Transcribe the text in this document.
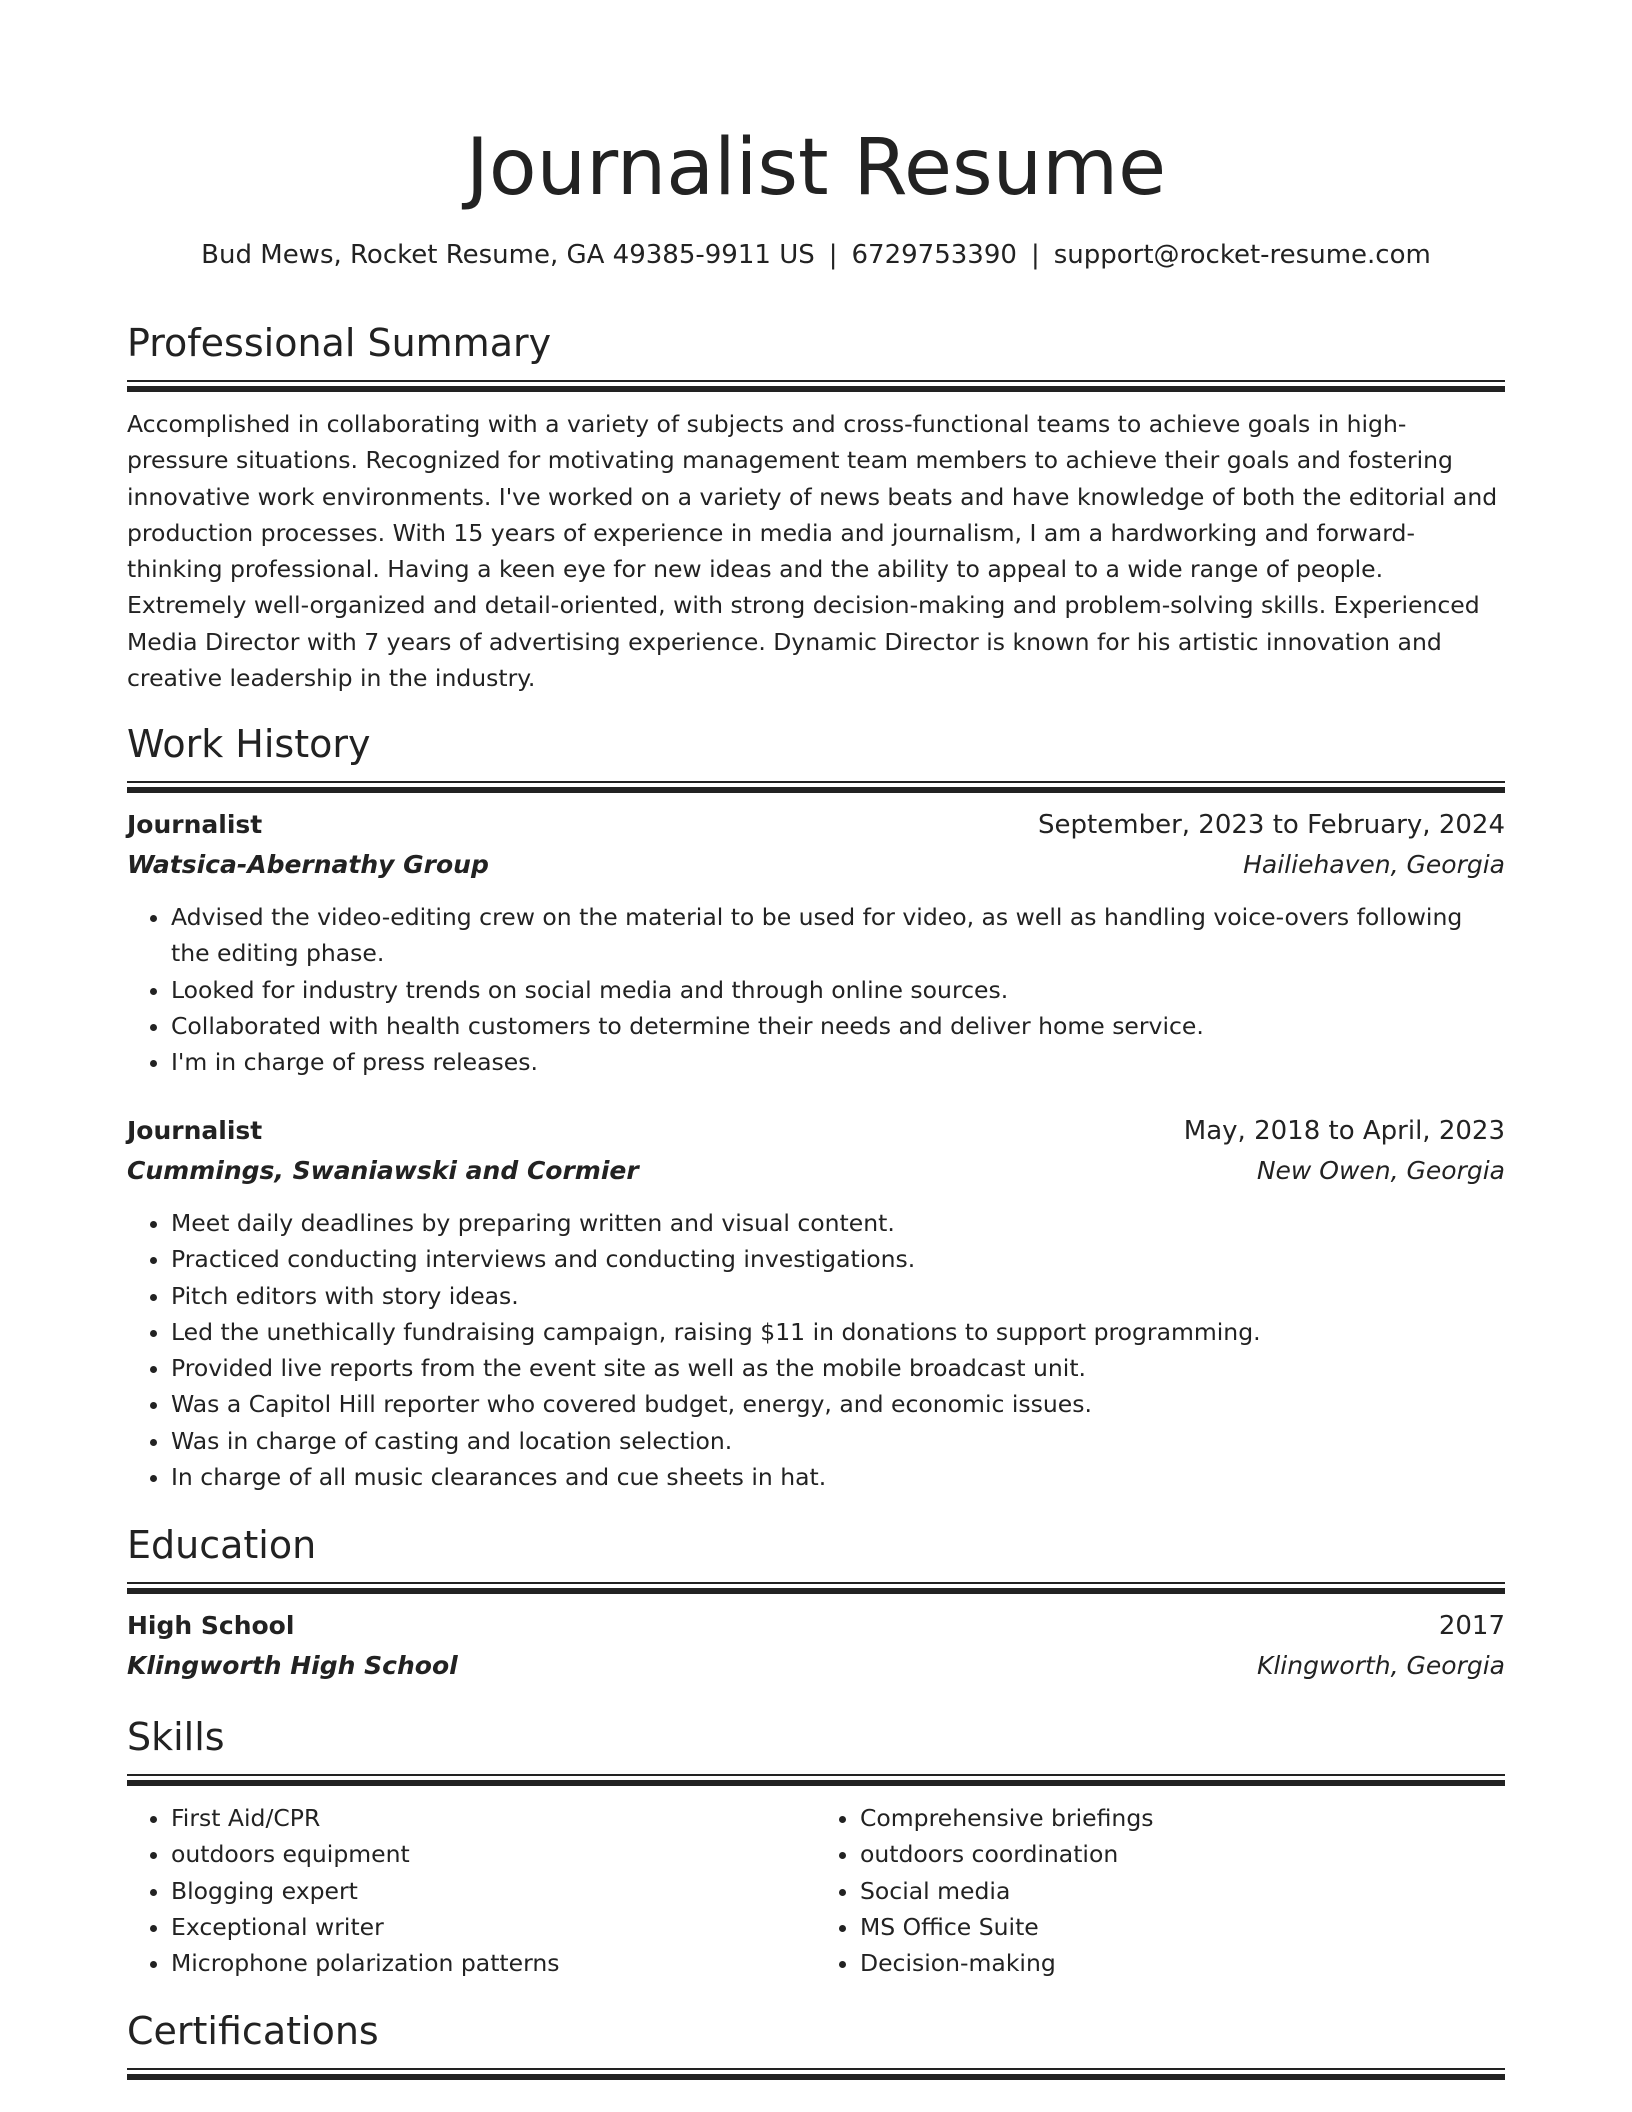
Journalist Resume
Bud Mews, Rocket Resume, GA 49385-9911 US | 6729753390 | support@rocket-resume.com
Professional Summary

Accomplished in collaborating with a variety of subjects and cross-functional teams to achieve goals in high-pressure situations. Recognized for motivating management team members to achieve their goals and fostering innovative work environments. I've worked on a variety of news beats and have knowledge of both the editorial and production processes. With 15 years of experience in media and journalism, I am a hardworking and forward-thinking professional. Having a keen eye for new ideas and the ability to appeal to a wide range of people. Extremely well-organized and detail-oriented, with strong decision-making and problem-solving skills. Experienced Media Director with 7 years of advertising experience. Dynamic Director is known for his artistic innovation and creative leadership in the industry.

Work History
Journalist	September, 2023 to February, 2024
Watsica-Abernathy Group	Hailiehaven, Georgia
• Advised the video-editing crew on the material to be used for video, as well as handling voice-overs following the editing phase.
• Looked for industry trends on social media and through online sources.
• Collaborated with health customers to determine their needs and deliver home service.
• I'm in charge of press releases.
Journalist	May, 2018 to April, 2023
Cummings, Swaniawski and Cormier	New Owen, Georgia
• Meet daily deadlines by preparing written and visual content.
• Practiced conducting interviews and conducting investigations.
• Pitch editors with story ideas.
• Led the unethically fundraising campaign, raising $11 in donations to support programming.
• Provided live reports from the event site as well as the mobile broadcast unit.
• Was a Capitol Hill reporter who covered budget, energy, and economic issues.
• Was in charge of casting and location selection.
• In charge of all music clearances and cue sheets in hat.
Education
High School	2017
Klingworth High School	Klingworth, Georgia
Skills
• First Aid/CPR
• outdoors equipment
• Blogging expert
• Exceptional writer
• Microphone polarization patterns
• Comprehensive briefings
• outdoors coordination
• Social media
• MS Office Suite
• Decision-making
Certifications
